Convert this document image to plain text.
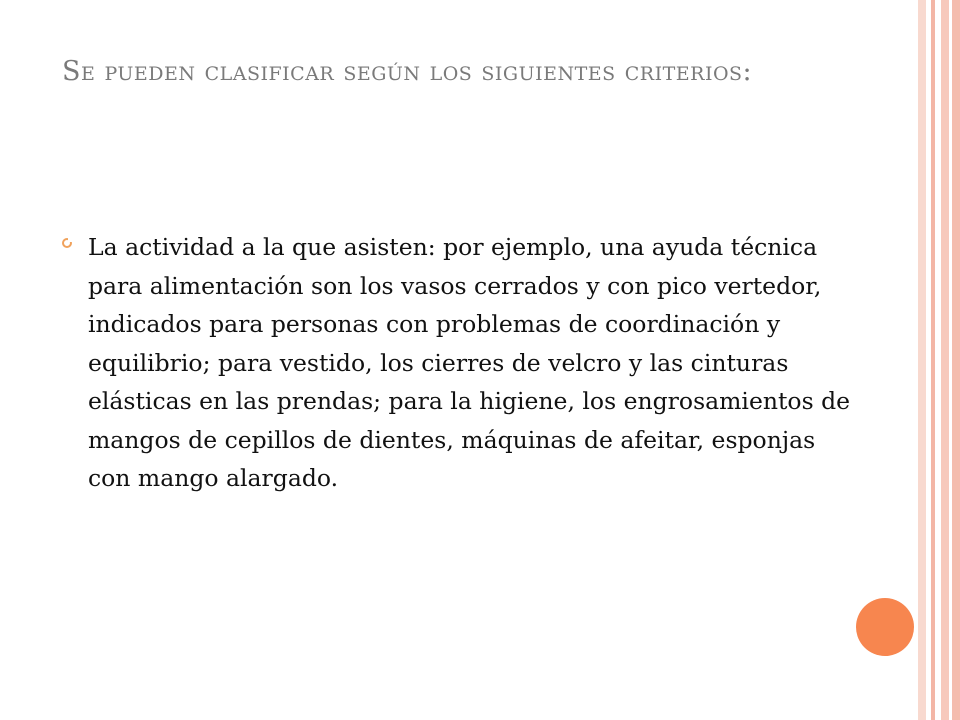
Se pueden clasificar según los siguientes criterios:
La actividad a la que asisten: por ejemplo, una ayuda técnica para alimentación son los vasos cerrados y con pico vertedor, indicados para personas con problemas de coordinación y equilibrio; para vestido, los cierres de velcro y las cinturas elásticas en las prendas; para la higiene, los engrosamientos de mangos de cepillos de dientes, máquinas de afeitar, esponjas con mango alargado.
